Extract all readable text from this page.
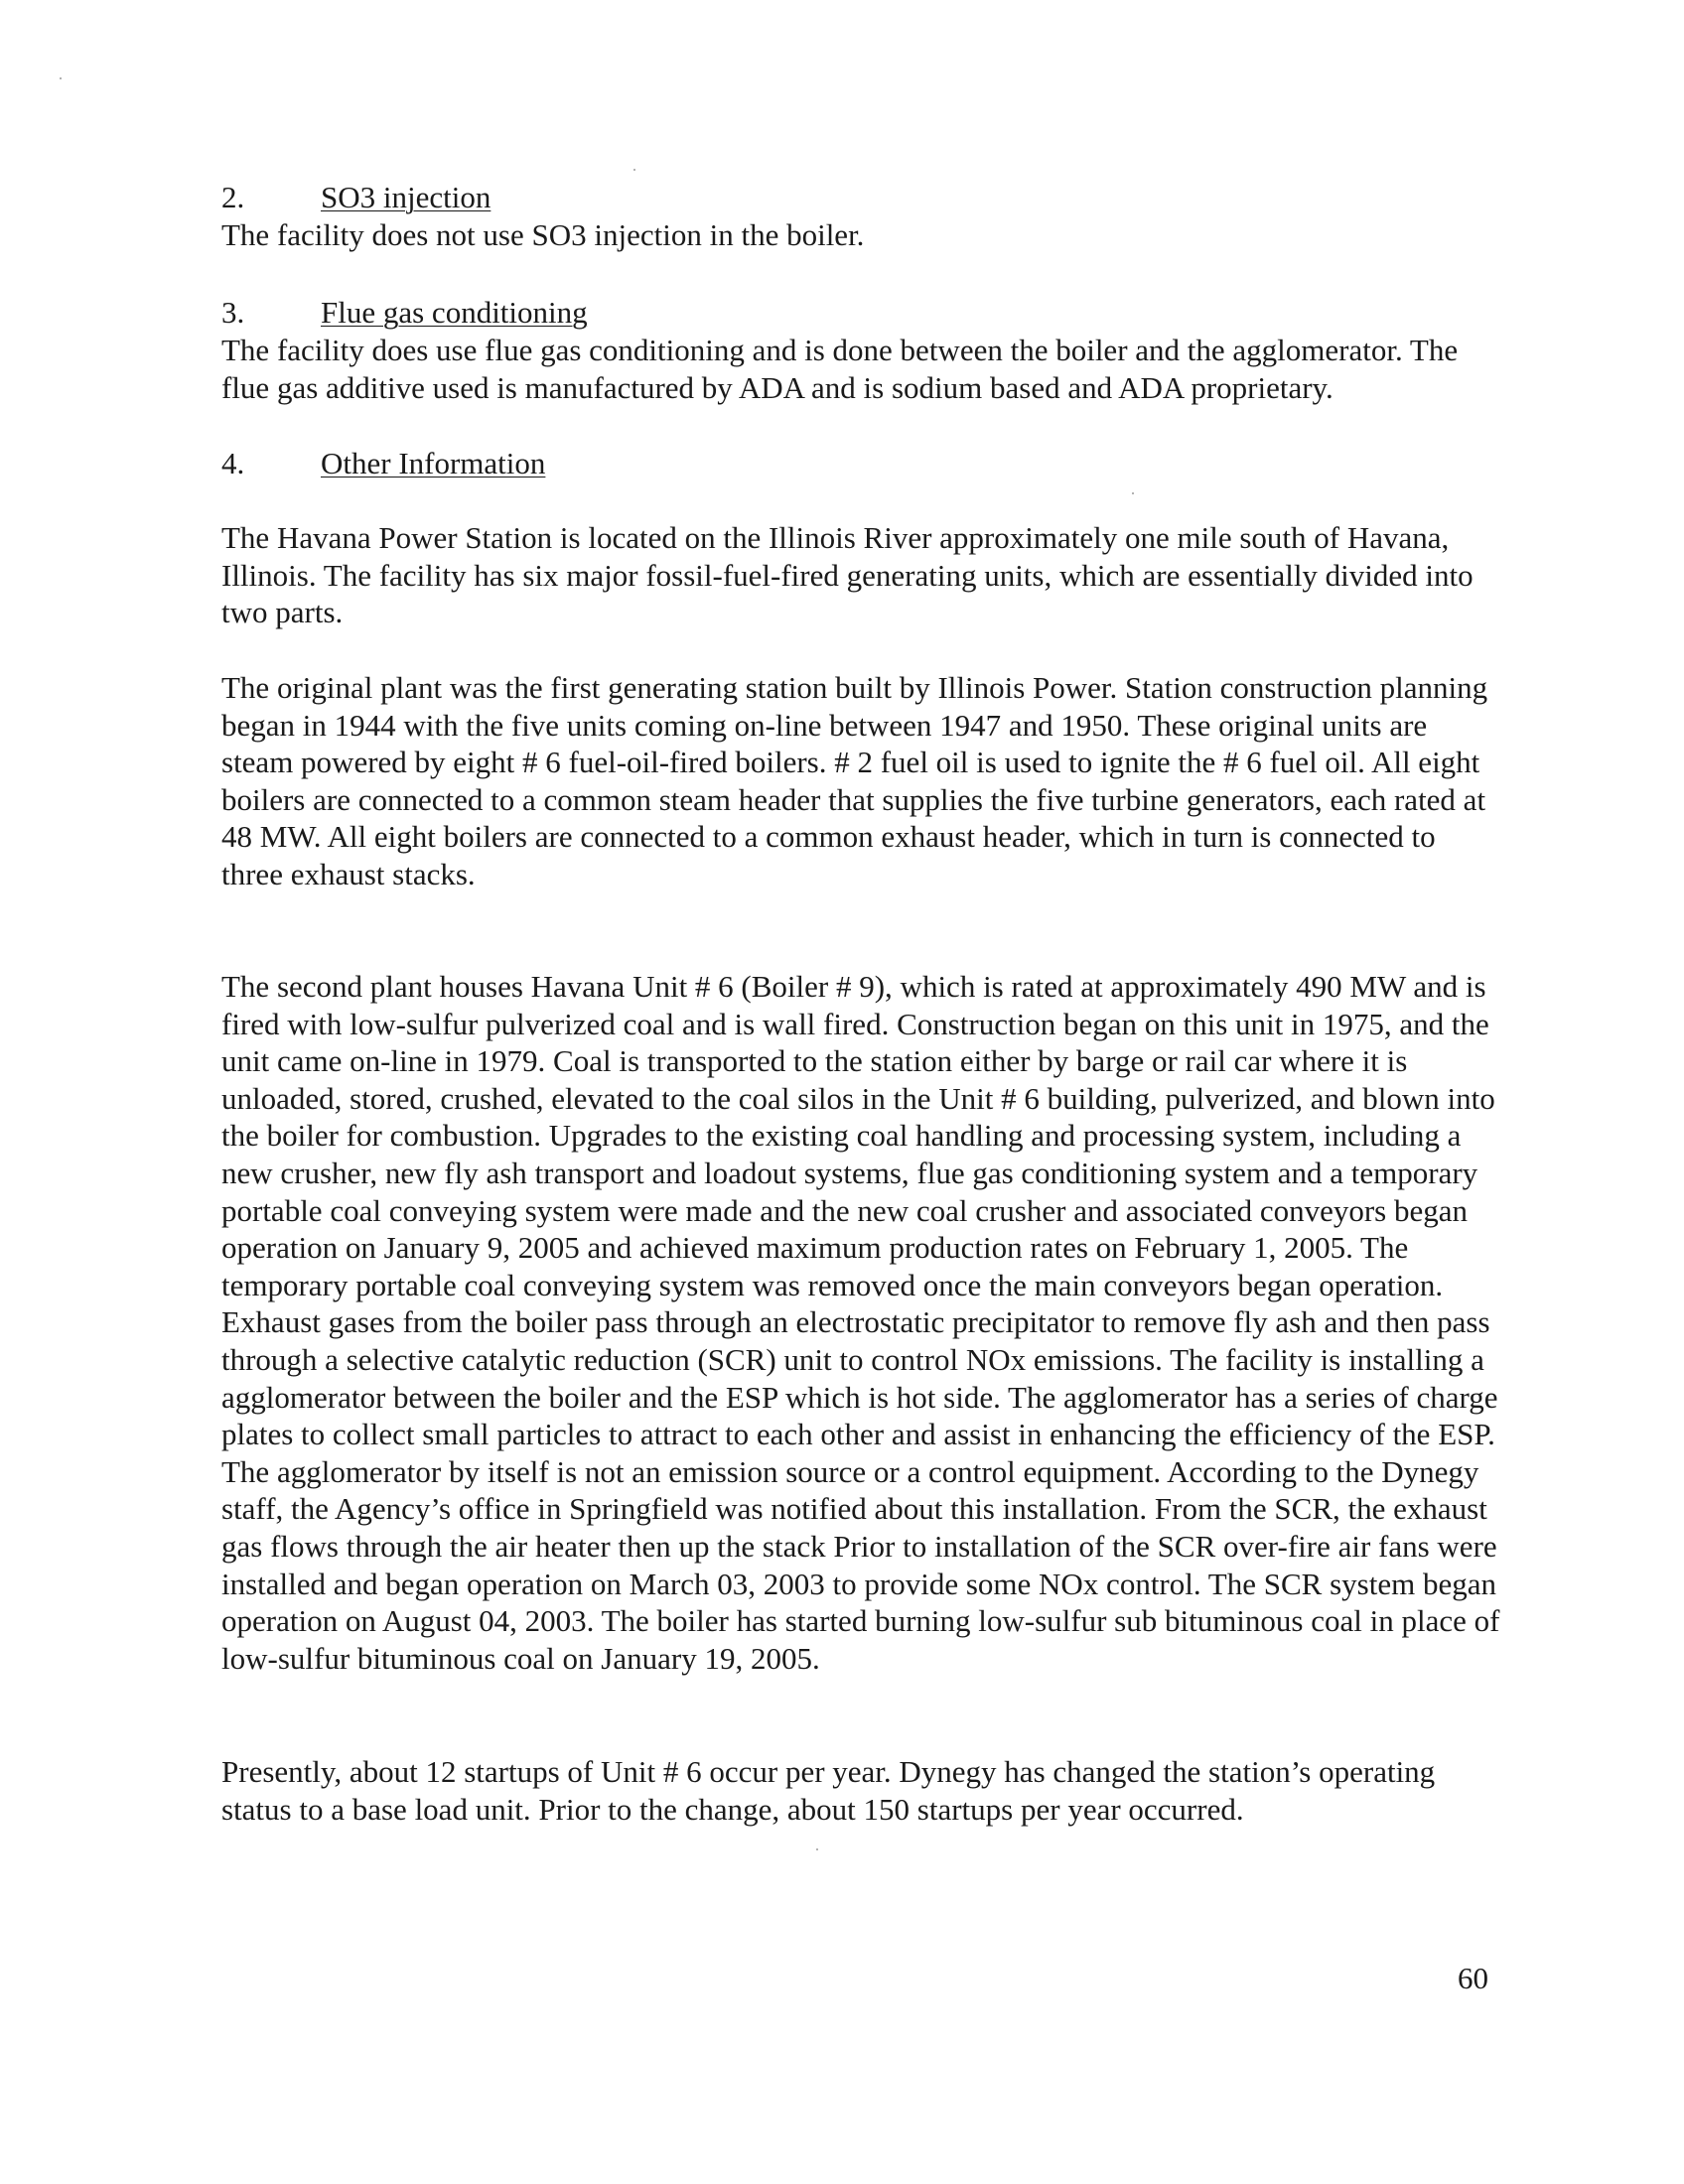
2. SO3 injection

The facility does not use SO3 injection in the boiler.

3. Flue gas conditioning

The facility does use flue gas conditioning and is done between the boiler and the agglomerator. The flue gas additive used is manufactured by ADA and is sodium based and ADA proprietary.

4. Other Information

The Havana Power Station is located on the Illinois River approximately one mile south of Havana, Illinois. The facility has six major fossil-fuel-fired generating units, which are essentially divided into two parts.

The original plant was the first generating station built by Illinois Power. Station construction planning began in 1944 with the five units coming on-line between 1947 and 1950. These original units are steam powered by eight # 6 fuel-oil-fired boilers. # 2 fuel oil is used to ignite the # 6 fuel oil. All eight boilers are connected to a common steam header that supplies the five turbine generators, each rated at 48 MW. All eight boilers are connected to a common exhaust header, which in turn is connected to three exhaust stacks.

The second plant houses Havana Unit # 6 (Boiler # 9), which is rated at approximately 490 MW and is fired with low-sulfur pulverized coal and is wall fired. Construction began on this unit in 1975, and the unit came on-line in 1979. Coal is transported to the station either by barge or rail car where it is unloaded, stored, crushed, elevated to the coal silos in the Unit # 6 building, pulverized, and blown into the boiler for combustion. Upgrades to the existing coal handling and processing system, including a new crusher, new fly ash transport and loadout systems, flue gas conditioning system and a temporary portable coal conveying system were made and the new coal crusher and associated conveyors began operation on January 9, 2005 and achieved maximum production rates on February 1, 2005. The temporary portable coal conveying system was removed once the main conveyors began operation. Exhaust gases from the boiler pass through an electrostatic precipitator to remove fly ash and then pass through a selective catalytic reduction (SCR) unit to control NOx emissions. The facility is installing a agglomerator between the boiler and the ESP which is hot side. The agglomerator has a series of charge plates to collect small particles to attract to each other and assist in enhancing the efficiency of the ESP. The agglomerator by itself is not an emission source or a control equipment. According to the Dynegy staff, the Agency’s office in Springfield was notified about this installation. From the SCR, the exhaust gas flows through the air heater then up the stack Prior to installation of the SCR over-fire air fans were installed and began operation on March 03, 2003 to provide some NOx control. The SCR system began operation on August 04, 2003. The boiler has started burning low-sulfur sub bituminous coal in place of low-sulfur bituminous coal on January 19, 2005.

Presently, about 12 startups of Unit # 6 occur per year. Dynegy has changed the station’s operating status to a base load unit. Prior to the change, about 150 startups per year occurred.

60
